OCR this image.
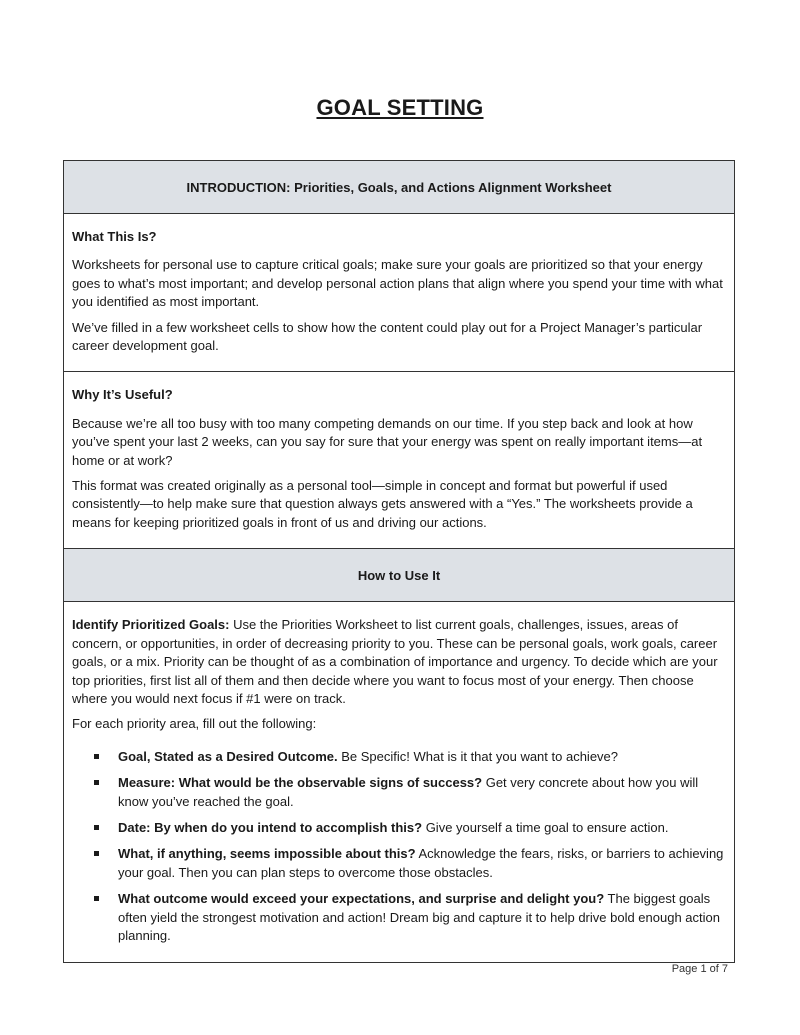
GOAL SETTING
INTRODUCTION: Priorities, Goals, and Actions Alignment Worksheet

What This Is?

Worksheets for personal use to capture critical goals; make sure your goals are prioritized so that your energy goes to what’s most important; and develop personal action plans that align where you spend your time with what you identified as most important.

We’ve filled in a few worksheet cells to show how the content could play out for a Project Manager’s particular career development goal.

Why It’s Useful?

Because we’re all too busy with too many competing demands on our time. If you step back and look at how you’ve spent your last 2 weeks, can you say for sure that your energy was spent on really important items—at home or at work?

This format was created originally as a personal tool—simple in concept and format but powerful if used consistently—to help make sure that question always gets answered with a “Yes.” The worksheets provide a means for keeping prioritized goals in front of us and driving our actions.

How to Use It

Identify Prioritized Goals: Use the Priorities Worksheet to list current goals, challenges, issues, areas of concern, or opportunities, in order of decreasing priority to you. These can be personal goals, work goals, career goals, or a mix. Priority can be thought of as a combination of importance and urgency. To decide which are your top priorities, first list all of them and then decide where you want to focus most of your energy. Then choose where you would next focus if #1 were on track.

For each priority area, fill out the following:

Goal, Stated as a Desired Outcome. Be Specific! What is it that you want to achieve?
Measure: What would be the observable signs of success? Get very concrete about how you will know you’ve reached the goal.
Date: By when do you intend to accomplish this? Give yourself a time goal to ensure action.
What, if anything, seems impossible about this? Acknowledge the fears, risks, or barriers to achieving your goal. Then you can plan steps to overcome those obstacles.
What outcome would exceed your expectations, and surprise and delight you? The biggest goals often yield the strongest motivation and action! Dream big and capture it to help drive bold enough action planning.
Page 1 of 7
